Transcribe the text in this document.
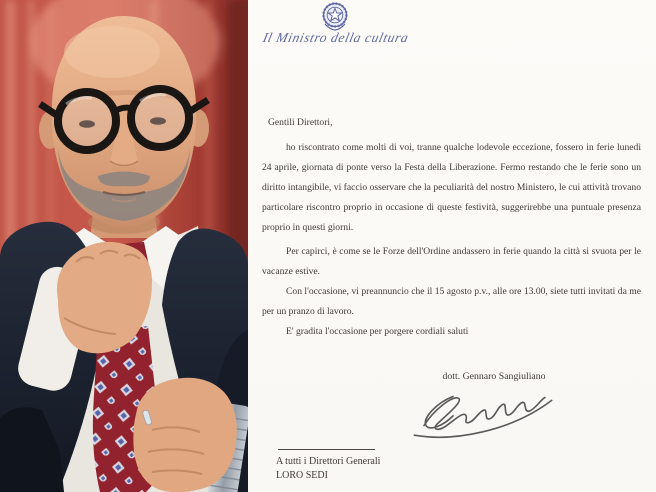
Il Ministro della cultura

Gentili Direttori,

ho riscontrato come molti di voi, tranne qualche lodevole eccezione, fossero in ferie lunedì 24 aprile, giornata di ponte verso la Festa della Liberazione. Fermo restando che le ferie sono un diritto intangibile, vi faccio osservare che la peculiarità del nostro Ministero, le cui attività trovano particolare riscontro proprio in occasione di queste festività, suggerirebbe una puntuale presenza proprio in questi giorni.

Per capirci, è come se le Forze dell'Ordine andassero in ferie quando la città si svuota per le vacanze estive.

Con l'occasione, vi preannuncio che il 15 agosto p.v., alle ore 13.00, siete tutti invitati da me per un pranzo di lavoro.

E' gradita l'occasione per porgere cordiali saluti

dott. Gennaro Sangiuliano
A tutti i Direttori Generali
LORO SEDI
